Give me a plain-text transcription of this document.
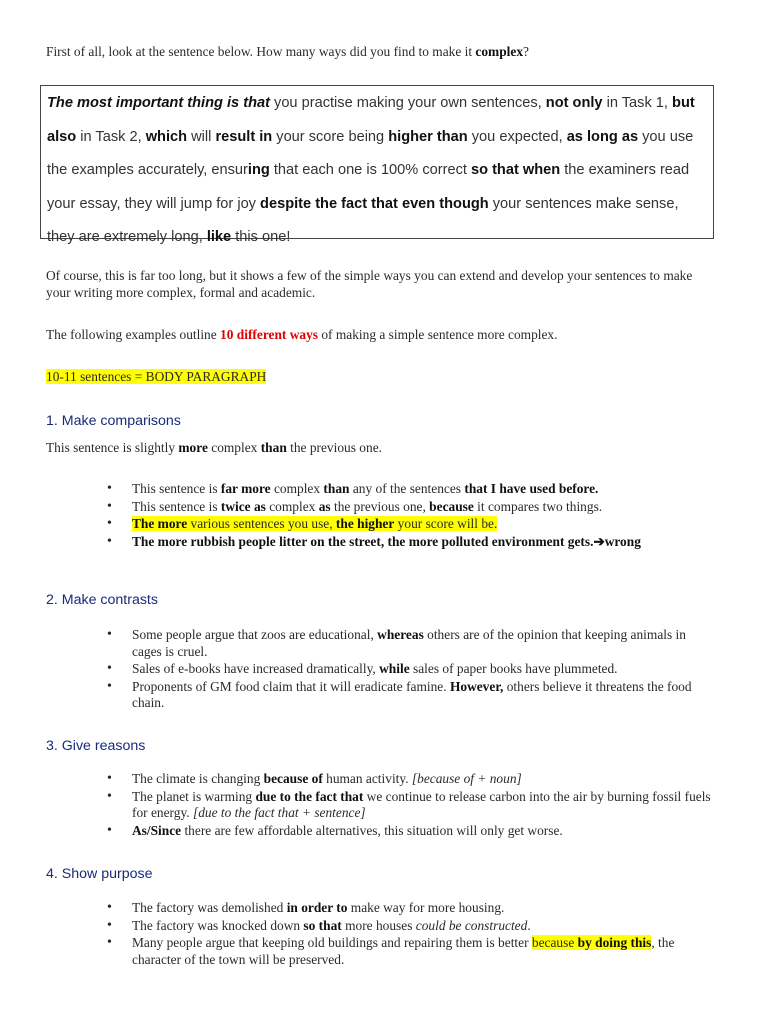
First of all, look at the sentence below. How many ways did you find to make it complex?

The most important thing is that you practise making your own sentences, not only in Task 1, but also in Task 2, which will result in your score being higher than you expected, as long as you use the examples accurately, ensuring that each one is 100% correct so that when the examiners read your essay, they will jump for joy despite the fact that even though your sentences make sense, they are extremely long, like this one!

Of course, this is far too long, but it shows a few of the simple ways you can extend and develop your sentences to make your writing more complex, formal and academic.

The following examples outline 10 different ways of making a simple sentence more complex.

10-11 sentences = BODY PARAGRAPH

1. Make comparisons

This sentence is slightly more complex than the previous one.

• This sentence is far more complex than any of the sentences that I have used before.
• This sentence is twice as complex as the previous one, because it compares two things.
• The more various sentences you use, the higher your score will be.
• The more rubbish people litter on the street, the more polluted environment gets.➔wrong
2. Make contrasts
• Some people argue that zoos are educational, whereas others are of the opinion that keeping animals in cages is cruel.
• Sales of e-books have increased dramatically, while sales of paper books have plummeted.
• Proponents of GM food claim that it will eradicate famine. However, others believe it threatens the food chain.
3. Give reasons
• The climate is changing because of human activity. [because of + noun]
• The planet is warming due to the fact that we continue to release carbon into the air by burning fossil fuels for energy. [due to the fact that + sentence]
• As/Since there are few affordable alternatives, this situation will only get worse.
4. Show purpose
• The factory was demolished in order to make way for more housing.
• The factory was knocked down so that more houses could be constructed.
• Many people argue that keeping old buildings and repairing them is better because by doing this, the character of the town will be preserved.
